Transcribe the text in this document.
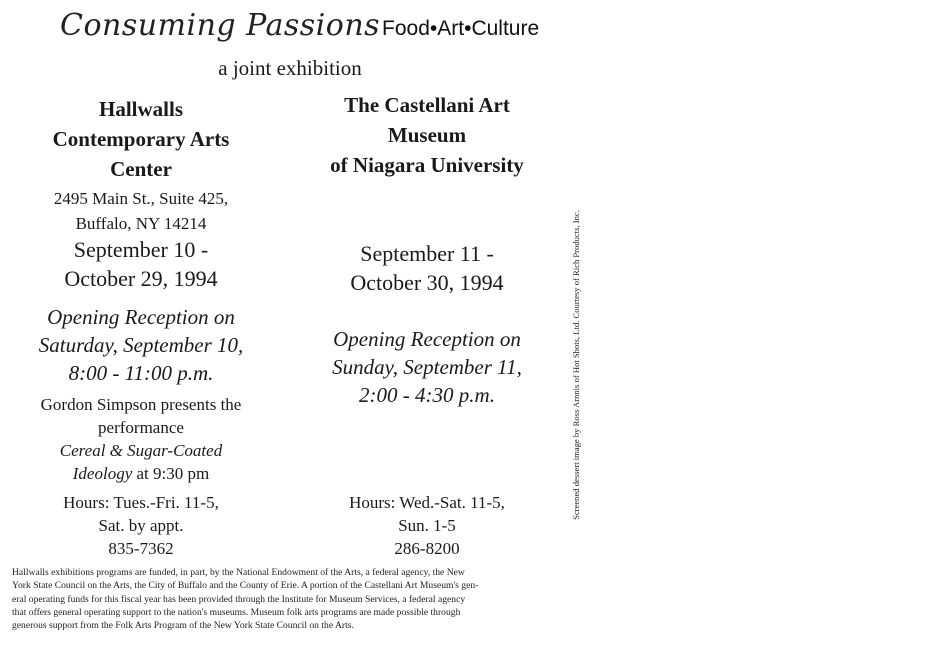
Consuming PassionsFood•Art•Culture
a joint exhibition
Hallwalls
Contemporary Arts
Center
2495 Main St., Suite 425,
Buffalo, NY 14214
September 10 -
October 29, 1994
Opening Reception on
Saturday, September 10,
8:00 - 11:00 p.m.
Gordon Simpson presents the
performance
Cereal & Sugar-Coated
Ideology at 9:30 pm
Hours: Tues.-Fri. 11-5,
Sat. by appt.
835-7362
The Castellani Art
Museum
of Niagara University
September 11 -
October 30, 1994
Opening Reception on
Sunday, September 11,
2:00 - 4:30 p.m.
Hours: Wed.-Sat. 11-5,
Sun. 1-5
286-8200
Screened dessert image by Ross Arnnis of Hot Shots, Ltd. Courtesy of Rich Products, Inc.
Hallwalls exhibitions programs are funded, in part, by the National Endowment of the Arts, a federal agency, the New
York State Council on the Arts, the City of Buffalo and the County of Erie. A portion of the Castellani Art Museum's gen-
eral operating funds for this fiscal year has been provided through the Institute for Museum Services, a federal agency
that offers general operating support to the nation's museums. Museum folk arts programs are made possible through
generous support from the Folk Arts Program of the New York State Council on the Arts.
